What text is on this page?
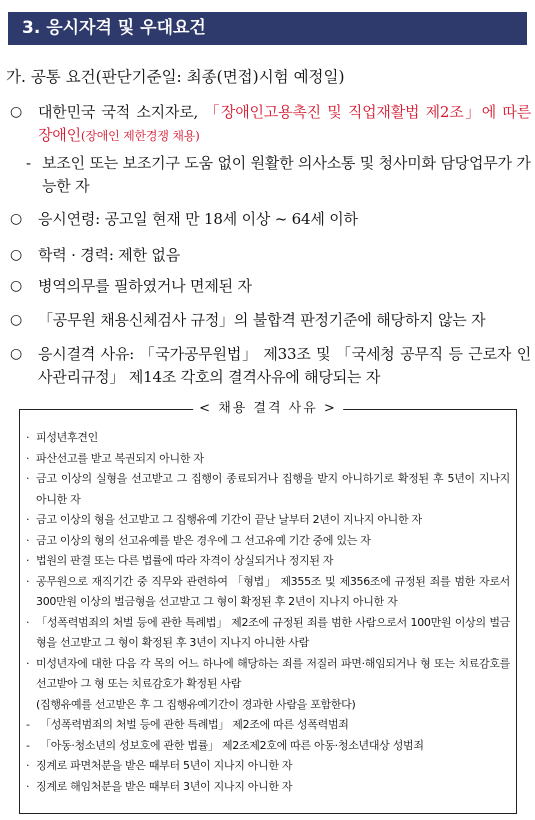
3. 응시자격 및 우대요건
가. 공통 요건(판단기준일: 최종(면접)시험 예정일)
○	대한민국 국적 소지자로, 「장애인고용촉진 및 직업재활법 제2조」에 따른 장애인(장애인 제한경쟁 채용)
- 보조인 또는 보조기구 도움 없이 원활한 의사소통 및 청사미화 담당업무가 가능한 자
○	응시연령: 공고일 현재 만 18세 이상 ~ 64세 이하
○	학력 · 경력: 제한 없음
○	병역의무를 필하였거나 면제된 자
○	「공무원 채용신체검사 규정」의 불합격 판정기준에 해당하지 않는 자
○	응시결격 사유: 「국가공무원법」 제33조 및 「국세청 공무직 등 근로자 인사관리규정」 제14조 각호의 결격사유에 해당되는 자
< 채용 결격 사유 >
· 피성년후견인
· 파산선고를 받고 복권되지 아니한 자
· 금고 이상의 실형을 선고받고 그 집행이 종료되거나 집행을 받지 아니하기로 확정된 후 5년이 지나지 아니한 자
· 금고 이상의 형을 선고받고 그 집행유예 기간이 끝난 날부터 2년이 지나지 아니한 자
· 금고 이상의 형의 선고유예를 받은 경우에 그 선고유예 기간 중에 있는 자
· 법원의 판결 또는 다른 법률에 따라 자격이 상실되거나 정지된 자
· 공무원으로 재직기간 중 직무와 관련하여 「형법」 제355조 및 제356조에 규정된 죄를 범한 자로서 300만원 이상의 벌금형을 선고받고 그 형이 확정된 후 2년이 지나지 아니한 자
· 「성폭력범죄의 처벌 등에 관한 특례법」 제2조에 규정된 죄를 범한 사람으로서 100만원 이상의 벌금형을 선고받고 그 형이 확정된 후 3년이 지나지 아니한 사람
· 미성년자에 대한 다음 각 목의 어느 하나에 해당하는 죄를 저질러 파면·해임되거나 형 또는 치료감호를 선고받아 그 형 또는 치료감호가 확정된 사람
(집행유예를 선고받은 후 그 집행유예기간이 경과한 사람을 포함한다)
- 「성폭력범죄의 처벌 등에 관한 특례법」 제2조에 따른 성폭력범죄
- 「아동·청소년의 성보호에 관한 법률」 제2조제2호에 따른 아동·청소년대상 성범죄
· 징계로 파면처분을 받은 때부터 5년이 지나지 아니한 자
· 징계로 해임처분을 받은 때부터 3년이 지나지 아니한 자
